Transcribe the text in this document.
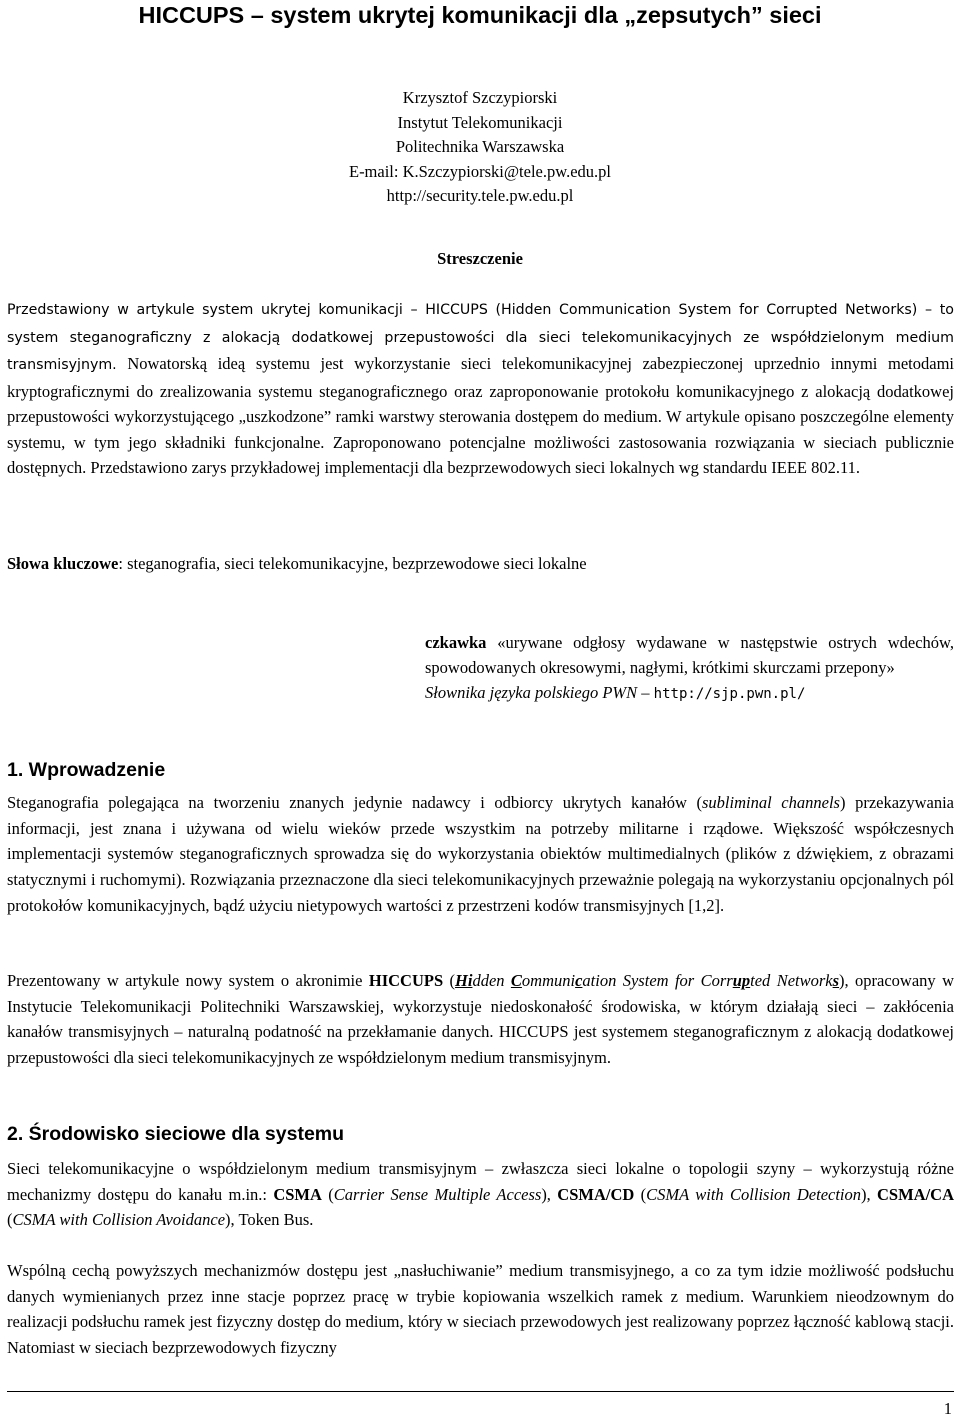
HICCUPS – system ukrytej komunikacji dla „zepsutych” sieci
Krzysztof Szczypiorski
Instytut Telekomunikacji
Politechnika Warszawska
E-mail: K.Szczypiorski@tele.pw.edu.pl
http://security.tele.pw.edu.pl
Streszczenie
Przedstawiony w artykule system ukrytej komunikacji – HICCUPS (Hidden Communication System for Corrupted Networks) – to system steganograficzny z alokacją dodatkowej przepustowości dla sieci telekomunikacyjnych ze współdzielonym medium transmisyjnym. Nowatorską ideą systemu jest wykorzystanie sieci telekomunikacyjnej zabezpieczonej uprzednio innymi metodami kryptograficznymi do zrealizowania systemu steganograficznego oraz zaproponowanie protokołu komunikacyjnego z alokacją dodatkowej przepustowości wykorzystującego „uszkodzone” ramki warstwy sterowania dostępem do medium. W artykule opisano poszczególne elementy systemu, w tym jego składniki funkcjonalne. Zaproponowano potencjalne możliwości zastosowania rozwiązania w sieciach publicznie dostępnych. Przedstawiono zarys przykładowej implementacji dla bezprzewodowych sieci lokalnych wg standardu IEEE 802.11.
Słowa kluczowe: steganografia, sieci telekomunikacyjne, bezprzewodowe sieci lokalne
czkawka «urywane odgłosy wydawane w następstwie ostrych wdechów, spowodowanych okresowymi, nagłymi, krótkimi skurczami przepony»
Słownika języka polskiego PWN – http://sjp.pwn.pl/
1. Wprowadzenie
Steganografia polegająca na tworzeniu znanych jedynie nadawcy i odbiorcy ukrytych kanałów (subliminal channels) przekazywania informacji, jest znana i używana od wielu wieków przede wszystkim na potrzeby militarne i rządowe. Większość współczesnych implementacji systemów steganograficznych sprowadza się do wykorzystania obiektów multimedialnych (plików z dźwiękiem, z obrazami statycznymi i ruchomymi). Rozwiązania przeznaczone dla sieci telekomunikacyjnych przeważnie polegają na wykorzystaniu opcjonalnych pól protokołów komunikacyjnych, bądź użyciu nietypowych wartości z przestrzeni kodów transmisyjnych [1,2].
Prezentowany w artykule nowy system o akronimie HICCUPS (Hidden Communication System for Corrupted Networks), opracowany w Instytucie Telekomunikacji Politechniki Warszawskiej, wykorzystuje niedoskonałość środowiska, w którym działają sieci – zakłócenia kanałów transmisyjnych – naturalną podatność na przekłamanie danych. HICCUPS jest systemem steganograficznym z alokacją dodatkowej przepustowości dla sieci telekomunikacyjnych ze współdzielonym medium transmisyjnym.
2. Środowisko sieciowe dla systemu
Sieci telekomunikacyjne o współdzielonym medium transmisyjnym – zwłaszcza sieci lokalne o topologii szyny – wykorzystują różne mechanizmy dostępu do kanału m.in.: CSMA (Carrier Sense Multiple Access), CSMA/CD (CSMA with Collision Detection), CSMA/CA (CSMA with Collision Avoidance), Token Bus.
Wspólną cechą powyższych mechanizmów dostępu jest „nasłuchiwanie” medium transmisyjnego, a co za tym idzie możliwość podsłuchu danych wymienianych przez inne stacje poprzez pracę w trybie kopiowania wszelkich ramek z medium. Warunkiem nieodzownym do realizacji podsłuchu ramek jest fizyczny dostęp do medium, który w sieciach przewodowych jest realizowany poprzez łączność kablową stacji. Natomiast w sieciach bezprzewodowych fizyczny
1
